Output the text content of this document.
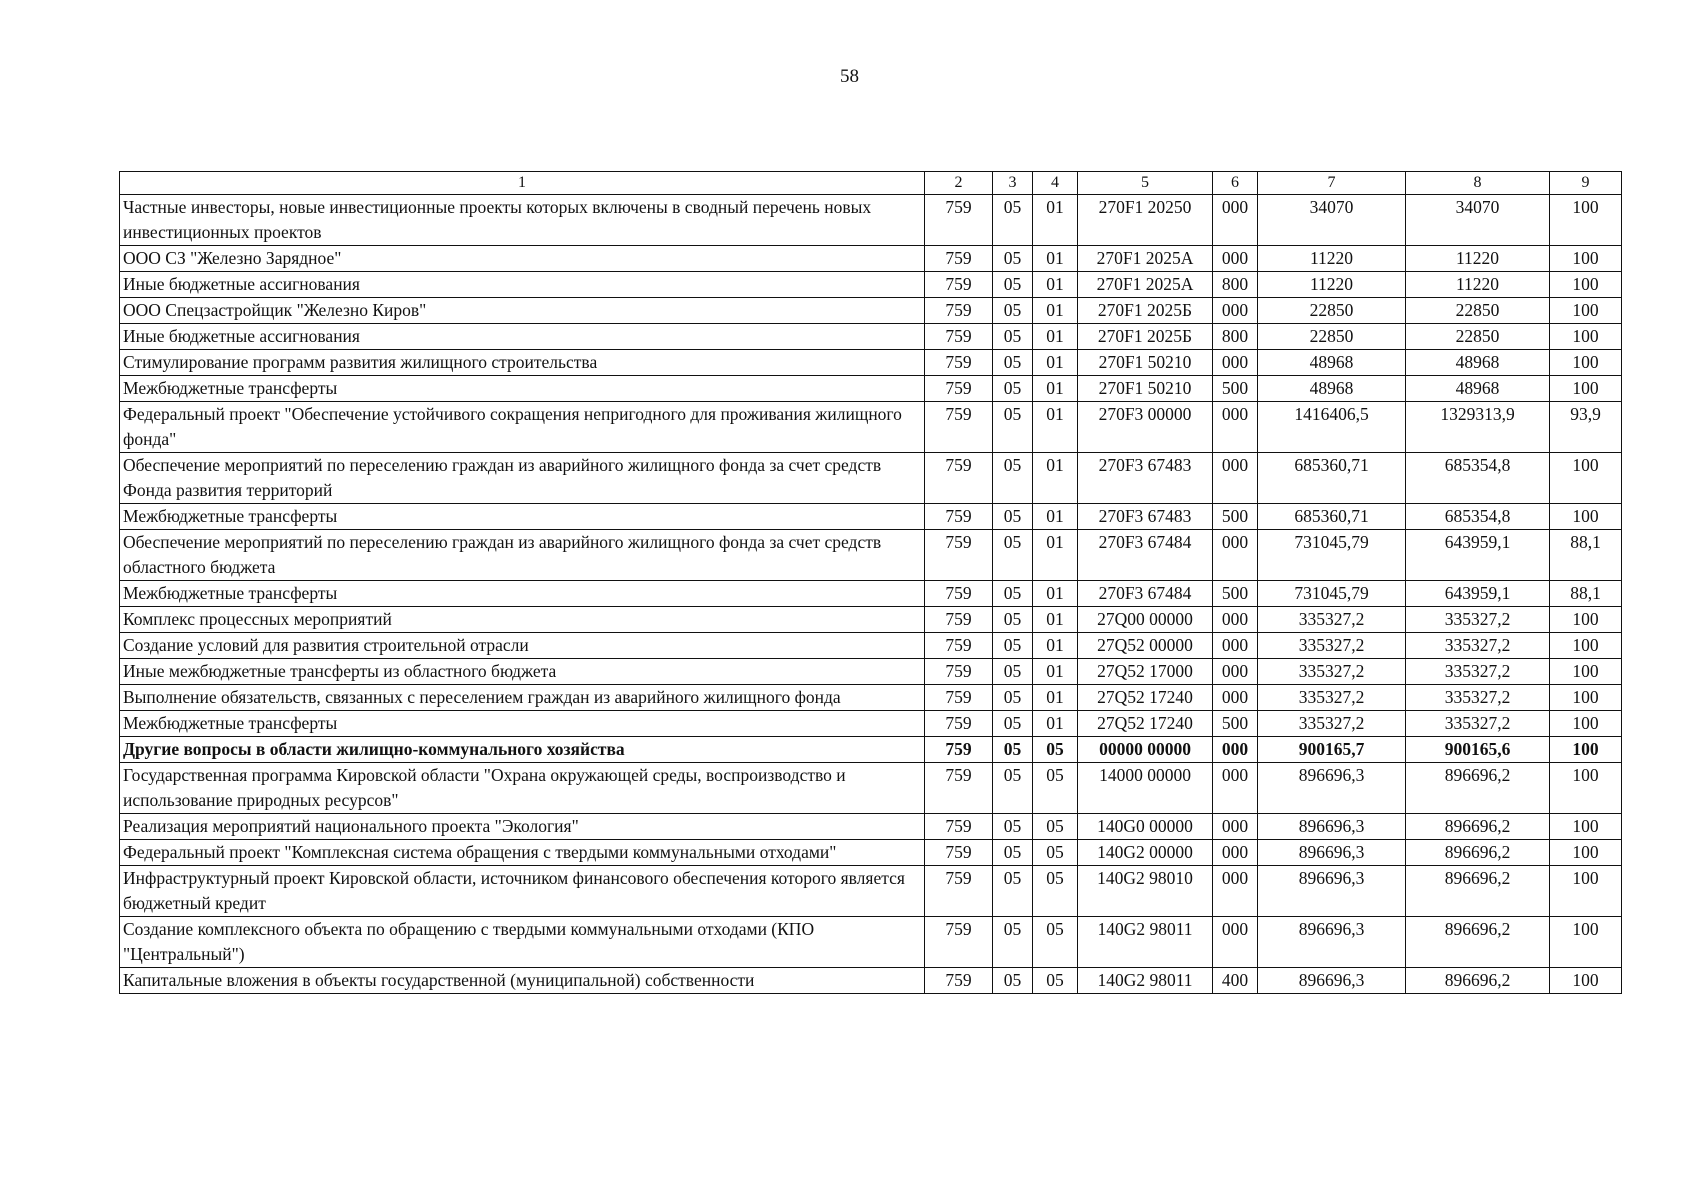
58
1	2	3	4	5	6	7	8	9
Частные инвесторы, новые инвестиционные проекты которых включены в сводный перечень новых инвестиционных проектов	759	05	01	270F1 20250	000	34070	34070	100
ООО СЗ "Железно Зарядное"	759	05	01	270F1 2025А	000	11220	11220	100
Иные бюджетные ассигнования	759	05	01	270F1 2025А	800	11220	11220	100
ООО Спецзастройщик "Железно Киров"	759	05	01	270F1 2025Б	000	22850	22850	100
Иные бюджетные ассигнования	759	05	01	270F1 2025Б	800	22850	22850	100
Стимулирование программ развития жилищного строительства	759	05	01	270F1 50210	000	48968	48968	100
Межбюджетные трансферты	759	05	01	270F1 50210	500	48968	48968	100
Федеральный проект "Обеспечение устойчивого сокращения непригодного для проживания жилищного фонда"	759	05	01	270F3 00000	000	1416406,5	1329313,9	93,9
Обеспечение мероприятий по переселению граждан из аварийного жилищного фонда за счет средств Фонда развития территорий	759	05	01	270F3 67483	000	685360,71	685354,8	100
Межбюджетные трансферты	759	05	01	270F3 67483	500	685360,71	685354,8	100
Обеспечение мероприятий по переселению граждан из аварийного жилищного фонда за счет средств областного бюджета	759	05	01	270F3 67484	000	731045,79	643959,1	88,1
Межбюджетные трансферты	759	05	01	270F3 67484	500	731045,79	643959,1	88,1
Комплекс процессных мероприятий	759	05	01	27Q00 00000	000	335327,2	335327,2	100
Создание условий для развития строительной отрасли	759	05	01	27Q52 00000	000	335327,2	335327,2	100
Иные межбюджетные трансферты из областного бюджета	759	05	01	27Q52 17000	000	335327,2	335327,2	100
Выполнение обязательств, связанных с переселением граждан из аварийного жилищного фонда	759	05	01	27Q52 17240	000	335327,2	335327,2	100
Межбюджетные трансферты	759	05	01	27Q52 17240	500	335327,2	335327,2	100
Другие вопросы в области жилищно-коммунального хозяйства	759	05	05	00000 00000	000	900165,7	900165,6	100
Государственная программа Кировской области "Охрана окружающей среды, воспроизводство и использование природных ресурсов"	759	05	05	14000 00000	000	896696,3	896696,2	100
Реализация мероприятий национального проекта "Экология"	759	05	05	140G0 00000	000	896696,3	896696,2	100
Федеральный проект "Комплексная система обращения с твердыми коммунальными отходами"	759	05	05	140G2 00000	000	896696,3	896696,2	100
Инфраструктурный проект Кировской области, источником финансового обеспечения которого является бюджетный кредит	759	05	05	140G2 98010	000	896696,3	896696,2	100
Создание комплексного объекта по обращению с твердыми коммунальными отходами (КПО "Центральный")	759	05	05	140G2 98011	000	896696,3	896696,2	100
Капитальные вложения в объекты государственной (муниципальной) собственности	759	05	05	140G2 98011	400	896696,3	896696,2	100
